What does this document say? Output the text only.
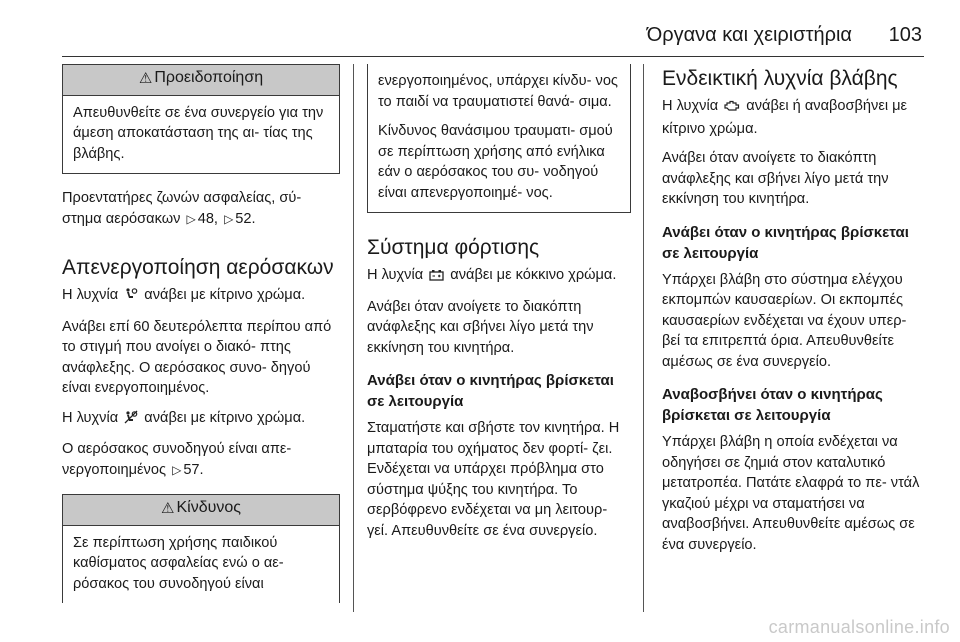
Όργανα και χειριστήρια 103
⚠ Προειδοποίηση
Απευθυνθείτε σε ένα συνεργείο για την άμεση αποκατάσταση της αι- τίας της βλάβης.

Προεντατήρες ζωνών ασφαλείας, σύ- στημα αερόσακων ▷ 48, ▷ 52.

Απενεργοποίηση αερόσακων

Η λυχνία ανάβει με κίτρινο χρώμα.

Ανάβει επί 60 δευτερόλεπτα περίπου από το στιγμή που ανοίγει ο διακό- πτης ανάφλεξης. Ο αερόσακος συνο- δηγού είναι ενεργοποιημένος.

Η λυχνία ανάβει με κίτρινο χρώμα.

Ο αερόσακος συνοδηγού είναι απε- νεργοποιημένος ▷ 57.

⚠ Κίνδυνος
Σε περίπτωση χρήσης παιδικού καθίσματος ασφαλείας ενώ ο αε- ρόσακος του συνοδηγού είναι

ενεργοποιημένος, υπάρχει κίνδυ- νος το παιδί να τραυματιστεί θανά- σιμα.

Κίνδυνος θανάσιμου τραυματι- σμού σε περίπτωση χρήσης από ενήλικα εάν ο αερόσακος του συ- νοδηγού είναι απενεργοποιημέ- νος.

Σύστημα φόρτισης

Η λυχνία ανάβει με κόκκινο χρώμα.

Ανάβει όταν ανοίγετε το διακόπτη ανάφλεξης και σβήνει λίγο μετά την εκκίνηση του κινητήρα.

Ανάβει όταν ο κινητήρας βρίσκεται σε λειτουργία

Σταματήστε και σβήστε τον κινητήρα. Η μπαταρία του οχήματος δεν φορτί- ζει. Ενδέχεται να υπάρχει πρόβλημα στο σύστημα ψύξης του κινητήρα. Το σερβόφρενο ενδέχεται να μη λειτουρ- γεί. Απευθυνθείτε σε ένα συνεργείο.

Ενδεικτική λυχνία βλάβης

Η λυχνία ανάβει ή αναβοσβήνει με κίτρινο χρώμα.

Ανάβει όταν ανοίγετε το διακόπτη ανάφλεξης και σβήνει λίγο μετά την εκκίνηση του κινητήρα.

Ανάβει όταν ο κινητήρας βρίσκεται σε λειτουργία

Υπάρχει βλάβη στο σύστημα ελέγχου εκπομπών καυσαερίων. Οι εκπομπές καυσαερίων ενδέχεται να έχουν υπερ- βεί τα επιτρεπτά όρια. Απευθυνθείτε αμέσως σε ένα συνεργείο.

Αναβοσβήνει όταν ο κινητήρας βρίσκεται σε λειτουργία

Υπάρχει βλάβη η οποία ενδέχεται να οδηγήσει σε ζημιά στον καταλυτικό μετατροπέα. Πατάτε ελαφρά το πε- ντάλ γκαζιού μέχρι να σταματήσει να αναβοσβήνει. Απευθυνθείτε αμέσως σε ένα συνεργείο.

carmanualsonline.info
